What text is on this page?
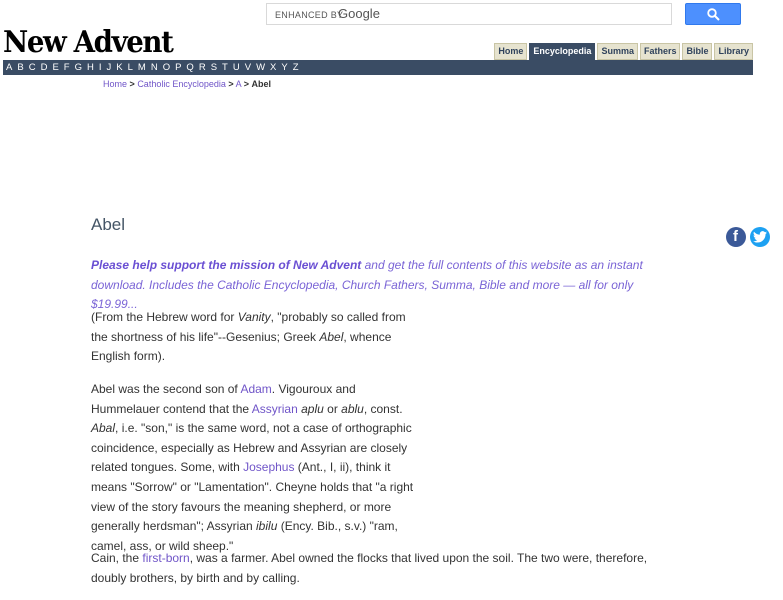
ENHANCED BY
Google
New Advent	Home	Encyclopedia	Summa	Fathers	Bible	Library
A B C D E F G H I J K L M N O P Q R S T U V W X Y Z
Home > Catholic Encyclopedia > A > Abel
Abel
f
Please help support the mission of New Advent and get the full contents of this website as an instant download. Includes the Catholic Encyclopedia, Church Fathers, Summa, Bible and more — all for only $19.99...
(From the Hebrew word for Vanity, "probably so called from the shortness of his life"--Gesenius; Greek Abel, whence English form).
Abel was the second son of Adam. Vigouroux and Hummelauer contend that the Assyrian aplu or ablu, const. Abal, i.e. "son," is the same word, not a case of orthographic coincidence, especially as Hebrew and Assyrian are closely related tongues. Some, with Josephus (Ant., I, ii), think it means "Sorrow" or "Lamentation". Cheyne holds that "a right view of the story favours the meaning shepherd, or more generally herdsman"; Assyrian ibilu (Ency. Bib., s.v.) "ram, camel, ass, or wild sheep."
Cain, the first-born, was a farmer. Abel owned the flocks that lived upon the soil. The two were, therefore, doubly brothers, by birth and by calling.
